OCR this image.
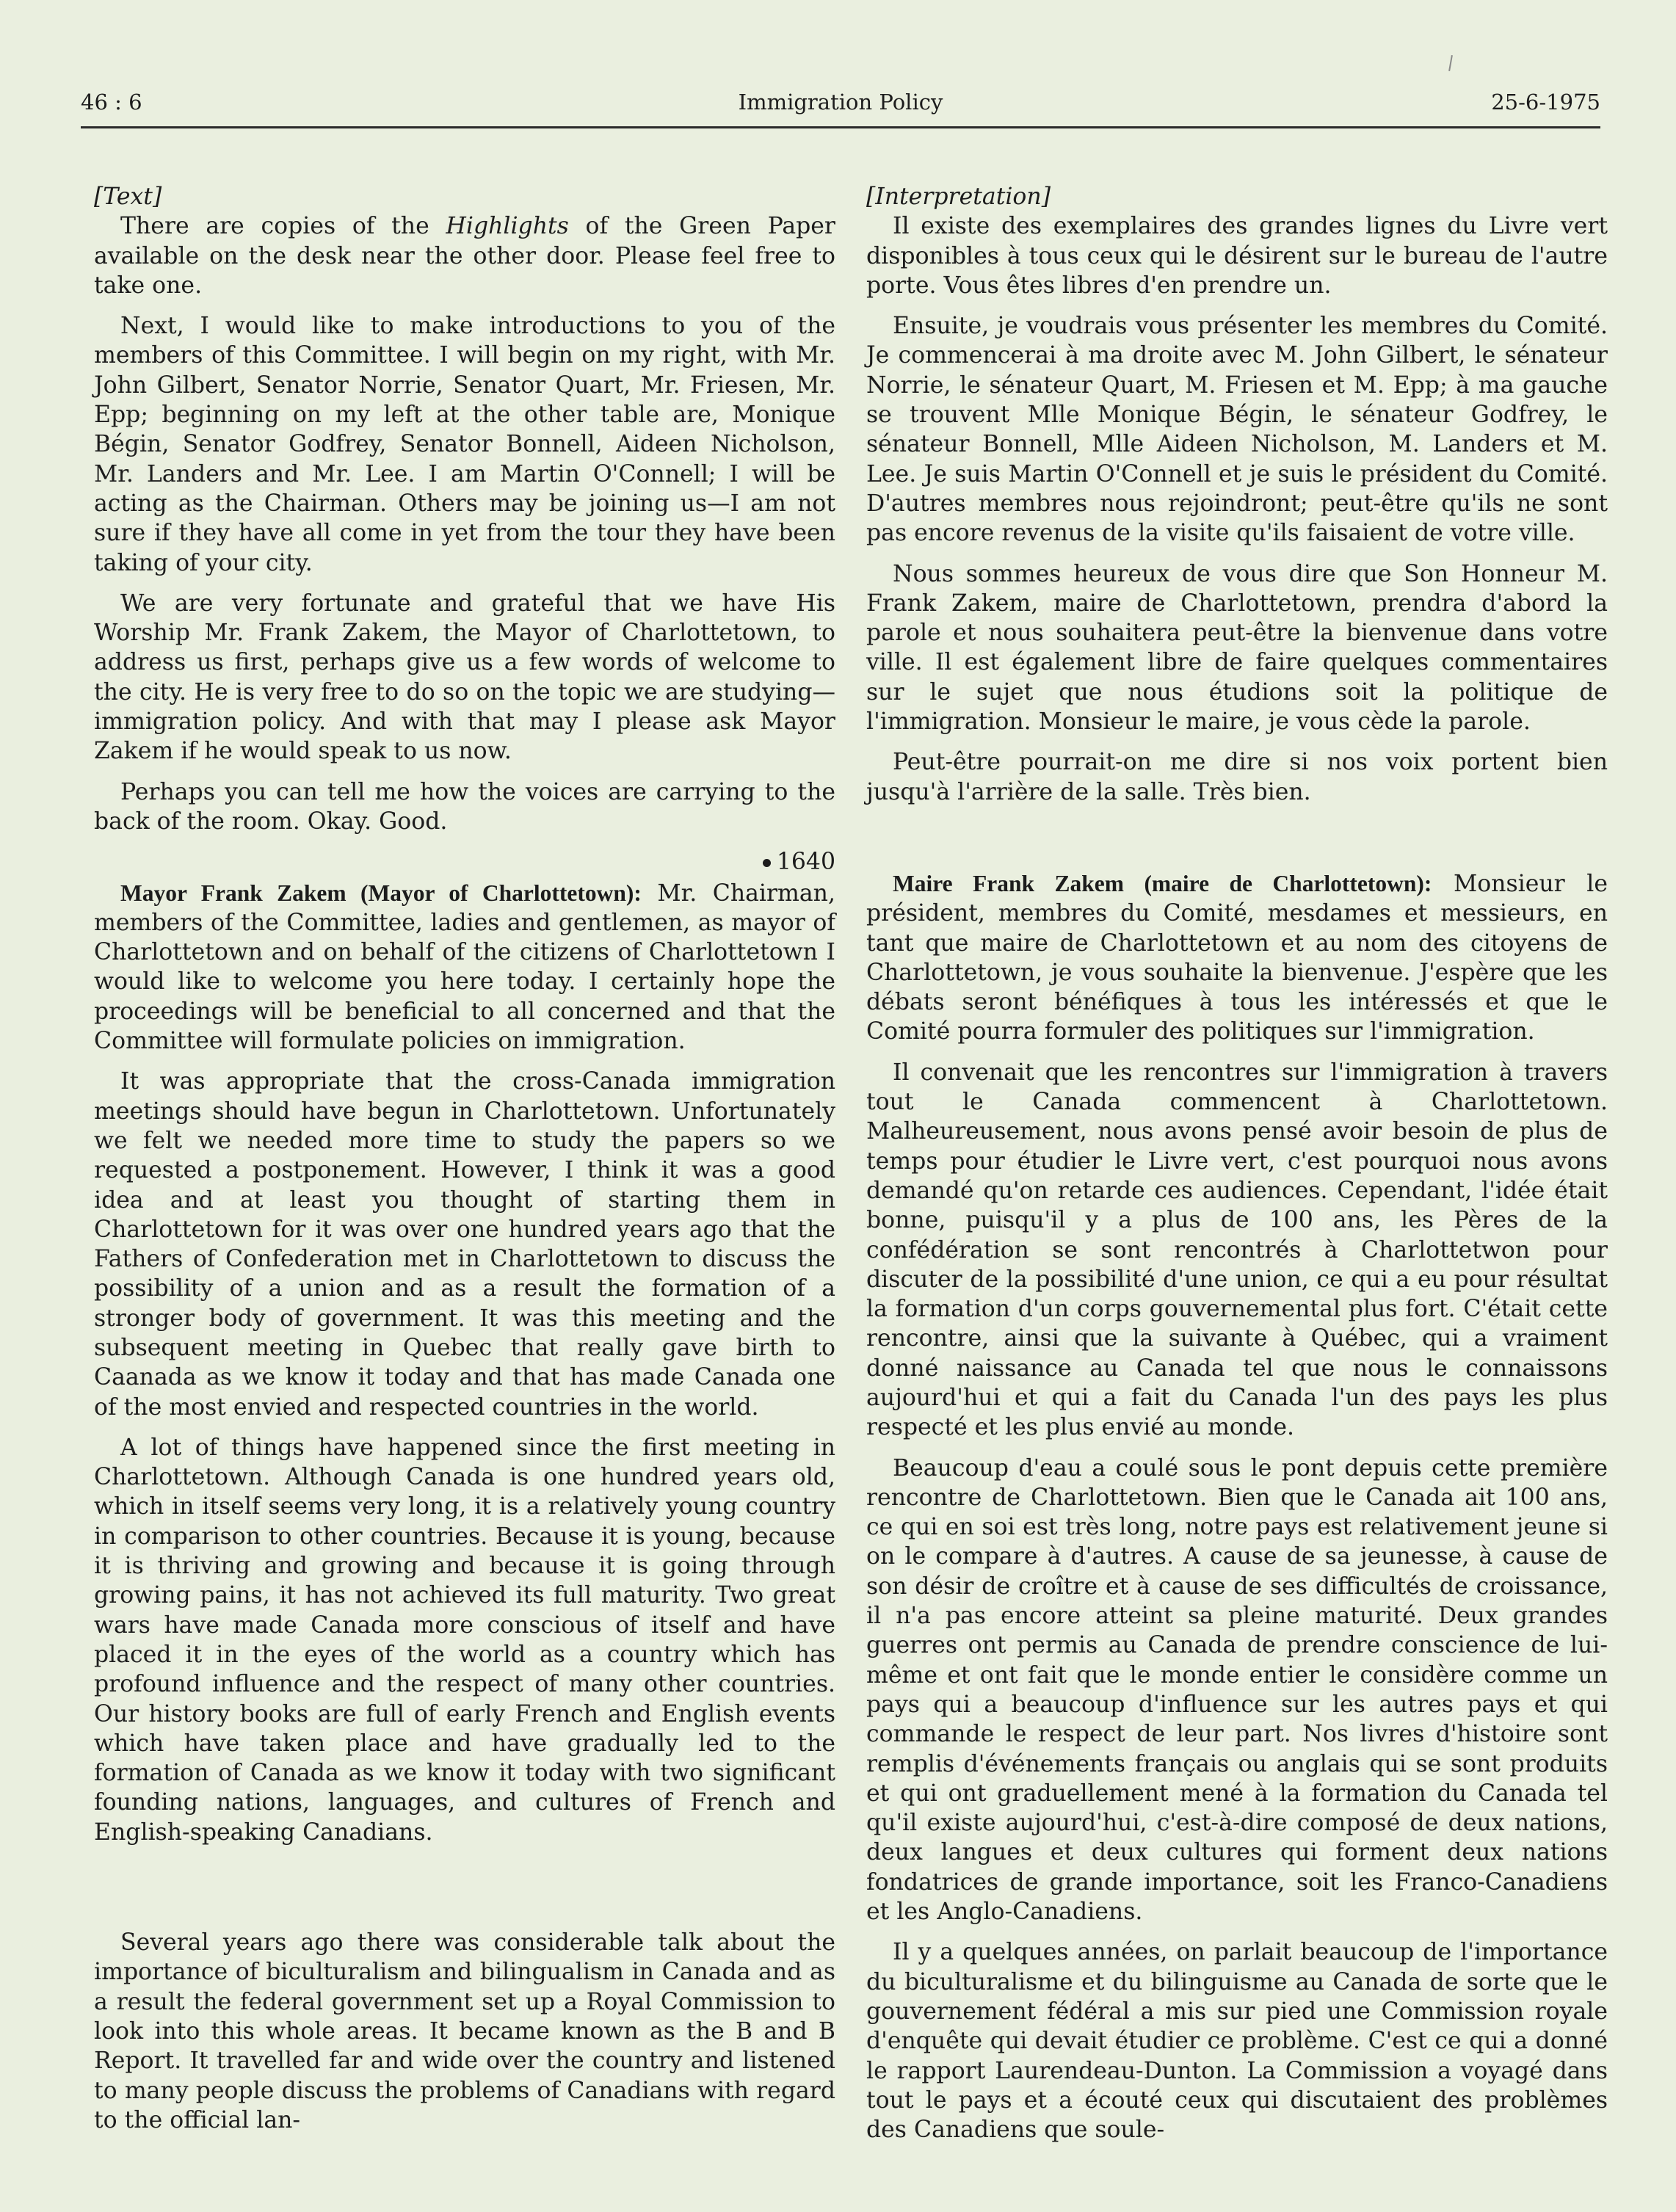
46 : 6	Immigration Policy	25-6-1975

[Text]

There are copies of the Highlights of the Green Paper available on the desk near the other door. Please feel free to take one.

Next, I would like to make introductions to you of the members of this Committee. I will begin on my right, with Mr. John Gilbert, Senator Norrie, Senator Quart, Mr. Friesen, Mr. Epp; beginning on my left at the other table are, Monique Bégin, Senator Godfrey, Senator Bonnell, Aideen Nicholson, Mr. Landers and Mr. Lee. I am Martin O'Connell; I will be acting as the Chairman. Others may be joining us—I am not sure if they have all come in yet from the tour they have been taking of your city.

We are very fortunate and grateful that we have His Worship Mr. Frank Zakem, the Mayor of Charlottetown, to address us first, perhaps give us a few words of welcome to the city. He is very free to do so on the topic we are studying—immigration policy. And with that may I please ask Mayor Zakem if he would speak to us now.

Perhaps you can tell me how the voices are carrying to the back of the room. Okay. Good.

1640

Mayor Frank Zakem (Mayor of Charlottetown): Mr. Chairman, members of the Committee, ladies and gentlemen, as mayor of Charlottetown and on behalf of the citizens of Charlottetown I would like to welcome you here today. I certainly hope the proceedings will be beneficial to all concerned and that the Committee will formulate policies on immigration.

It was appropriate that the cross-Canada immigration meetings should have begun in Charlottetown. Unfortunately we felt we needed more time to study the papers so we requested a postponement. However, I think it was a good idea and at least you thought of starting them in Charlottetown for it was over one hundred years ago that the Fathers of Confederation met in Charlottetown to discuss the possibility of a union and as a result the formation of a stronger body of government. It was this meeting and the subsequent meeting in Quebec that really gave birth to Caanada as we know it today and that has made Canada one of the most envied and respected countries in the world.

A lot of things have happened since the first meeting in Charlottetown. Although Canada is one hundred years old, which in itself seems very long, it is a relatively young country in comparison to other countries. Because it is young, because it is thriving and growing and because it is going through growing pains, it has not achieved its full maturity. Two great wars have made Canada more conscious of itself and have placed it in the eyes of the world as a country which has profound influence and the respect of many other countries. Our history books are full of early French and English events which have taken place and have gradually led to the formation of Canada as we know it today with two significant founding nations, languages, and cultures of French and English-speaking Canadians.

Several years ago there was considerable talk about the importance of biculturalism and bilingualism in Canada and as a result the federal government set up a Royal Commission to look into this whole areas. It became known as the B and B Report. It travelled far and wide over the country and listened to many people discuss the problems of Canadians with regard to the official lan-

[Interpretation]

Il existe des exemplaires des grandes lignes du Livre vert disponibles à tous ceux qui le désirent sur le bureau de l'autre porte. Vous êtes libres d'en prendre un.

Ensuite, je voudrais vous présenter les membres du Comité. Je commencerai à ma droite avec M. John Gilbert, le sénateur Norrie, le sénateur Quart, M. Friesen et M. Epp; à ma gauche se trouvent Mlle Monique Bégin, le sénateur Godfrey, le sénateur Bonnell, Mlle Aideen Nicholson, M. Landers et M. Lee. Je suis Martin O'Connell et je suis le président du Comité. D'autres membres nous rejoindront; peut-être qu'ils ne sont pas encore revenus de la visite qu'ils faisaient de votre ville.

Nous sommes heureux de vous dire que Son Honneur M. Frank Zakem, maire de Charlottetown, prendra d'abord la parole et nous souhaitera peut-être la bienvenue dans votre ville. Il est également libre de faire quelques commentaires sur le sujet que nous étudions soit la politique de l'immigration. Monsieur le maire, je vous cède la parole.

Peut-être pourrait-on me dire si nos voix portent bien jusqu'à l'arrière de la salle. Très bien.

Maire Frank Zakem (maire de Charlottetown): Monsieur le président, membres du Comité, mesdames et messieurs, en tant que maire de Charlottetown et au nom des citoyens de Charlottetown, je vous souhaite la bienvenue. J'espère que les débats seront bénéfiques à tous les intéressés et que le Comité pourra formuler des politiques sur l'immigration.

Il convenait que les rencontres sur l'immigration à travers tout le Canada commencent à Charlottetown. Malheureusement, nous avons pensé avoir besoin de plus de temps pour étudier le Livre vert, c'est pourquoi nous avons demandé qu'on retarde ces audiences. Cependant, l'idée était bonne, puisqu'il y a plus de 100 ans, les Pères de la confédération se sont rencontrés à Charlottetwon pour discuter de la possibilité d'une union, ce qui a eu pour résultat la formation d'un corps gouvernemental plus fort. C'était cette rencontre, ainsi que la suivante à Québec, qui a vraiment donné naissance au Canada tel que nous le connaissons aujourd'hui et qui a fait du Canada l'un des pays les plus respecté et les plus envié au monde.

Beaucoup d'eau a coulé sous le pont depuis cette première rencontre de Charlottetown. Bien que le Canada ait 100 ans, ce qui en soi est très long, notre pays est relativement jeune si on le compare à d'autres. A cause de sa jeunesse, à cause de son désir de croître et à cause de ses difficultés de croissance, il n'a pas encore atteint sa pleine maturité. Deux grandes guerres ont permis au Canada de prendre conscience de lui-même et ont fait que le monde entier le considère comme un pays qui a beaucoup d'influence sur les autres pays et qui commande le respect de leur part. Nos livres d'histoire sont remplis d'événements français ou anglais qui se sont produits et qui ont graduellement mené à la formation du Canada tel qu'il existe aujourd'hui, c'est-à-dire composé de deux nations, deux langues et deux cultures qui forment deux nations fondatrices de grande importance, soit les Franco-Canadiens et les Anglo-Canadiens.

Il y a quelques années, on parlait beaucoup de l'importance du biculturalisme et du bilinguisme au Canada de sorte que le gouvernement fédéral a mis sur pied une Commission royale d'enquête qui devait étudier ce problème. C'est ce qui a donné le rapport Laurendeau-Dunton. La Commission a voyagé dans tout le pays et a écouté ceux qui discutaient des problèmes des Canadiens que soule-
